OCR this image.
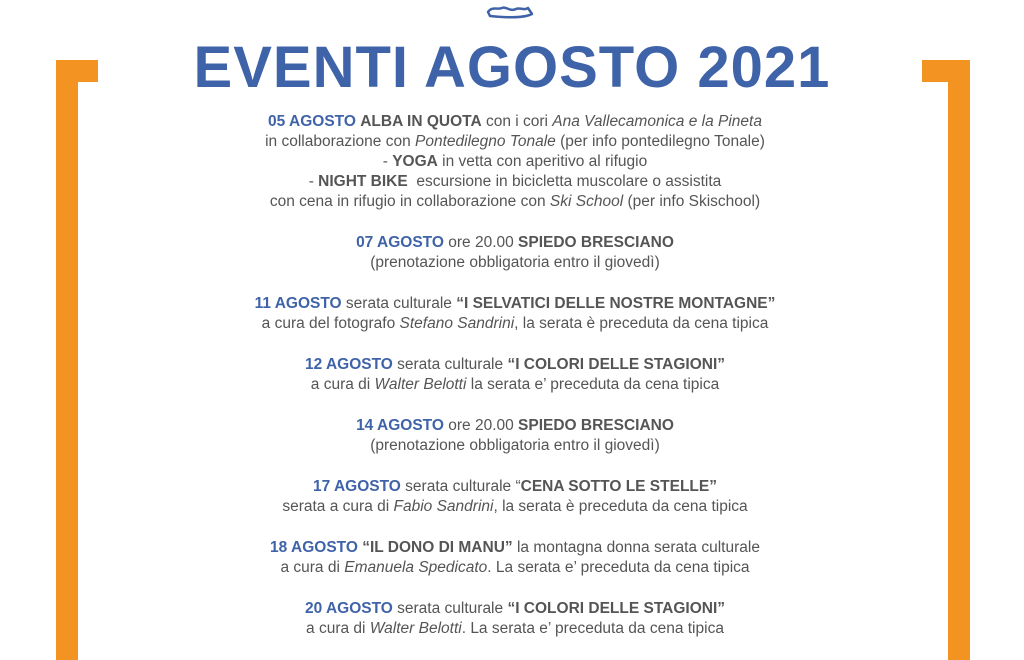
EVENTI AGOSTO 2021
05 AGOSTO ALBA IN QUOTA con i cori Ana Vallecamonica e la Pineta
in collaborazione con Pontedilegno Tonale (per info pontedilegno Tonale)
- YOGA in vetta con aperitivo al rifugio
- NIGHT BIKE  escursione in bicicletta muscolare o assistita
con cena in rifugio in collaborazione con Ski School (per info Skischool)
07 AGOSTO ore 20.00 SPIEDO BRESCIANO
(prenotazione obbligatoria entro il giovedì)
11 AGOSTO serata culturale “I SELVATICI DELLE NOSTRE MONTAGNE”
a cura del fotografo Stefano Sandrini, la serata è preceduta da cena tipica
12 AGOSTO serata culturale “I COLORI DELLE STAGIONI”
a cura di Walter Belotti la serata e’ preceduta da cena tipica
14 AGOSTO ore 20.00 SPIEDO BRESCIANO
(prenotazione obbligatoria entro il giovedì)
17 AGOSTO serata culturale “CENA SOTTO LE STELLE”
serata a cura di Fabio Sandrini, la serata è preceduta da cena tipica
18 AGOSTO “IL DONO DI MANU” la montagna donna serata culturale
a cura di Emanuela Spedicato. La serata e’ preceduta da cena tipica
20 AGOSTO serata culturale “I COLORI DELLE STAGIONI”
a cura di Walter Belotti. La serata e’ preceduta da cena tipica
